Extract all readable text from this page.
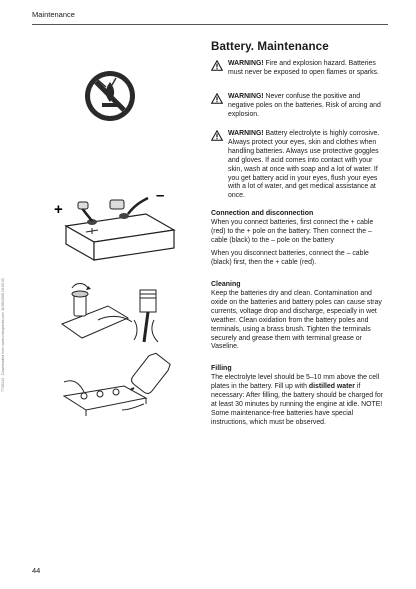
Maintenance
7745143 · Downloaded from www.volvopenta.com 11/05/2008 15:03:33
Battery. Maintenance

WARNING! Fire and explosion hazard. Batteries must never be exposed to open flames or sparks.

WARNING! Never confuse the positive and negative poles on the batteries. Risk of arcing and explosion.

WARNING! Battery electrolyte is highly corrosive. Always protect your eyes, skin and clothes when handling batteries. Always use protective goggles and gloves. If acid comes into contact with your skin, wash at once with soap and a lot of water. If you get battery acid in your eyes, flush your eyes with a lot of water, and get medical assistance at once.

Connection and disconnection

When you connect batteries, first connect the + cable (red) to the + pole on the battery. Then connect the – cable (black) to the – pole on the battery

When you disconnect batteries, connect the – cable (black) first, then the + cable (red).

Cleaning

Keep the batteries dry and clean. Contamination and oxide on the batteries and battery poles can cause stray currents, voltage drop and discharge, especially in wet weather. Clean oxidation from the battery poles and terminals, using a brass brush. Tighten the terminals securely and grease them with terminal grease or Vaseline.

Filling

The electrolyte level should be 5–10 mm above the cell plates in the battery. Fill up with distilled water if necessary: After filling, the battery should be charged for at least 30 minutes by running the engine at idle. NOTE! Some maintenance-free batteries have special instructions, which must be observed.

+
–
44
